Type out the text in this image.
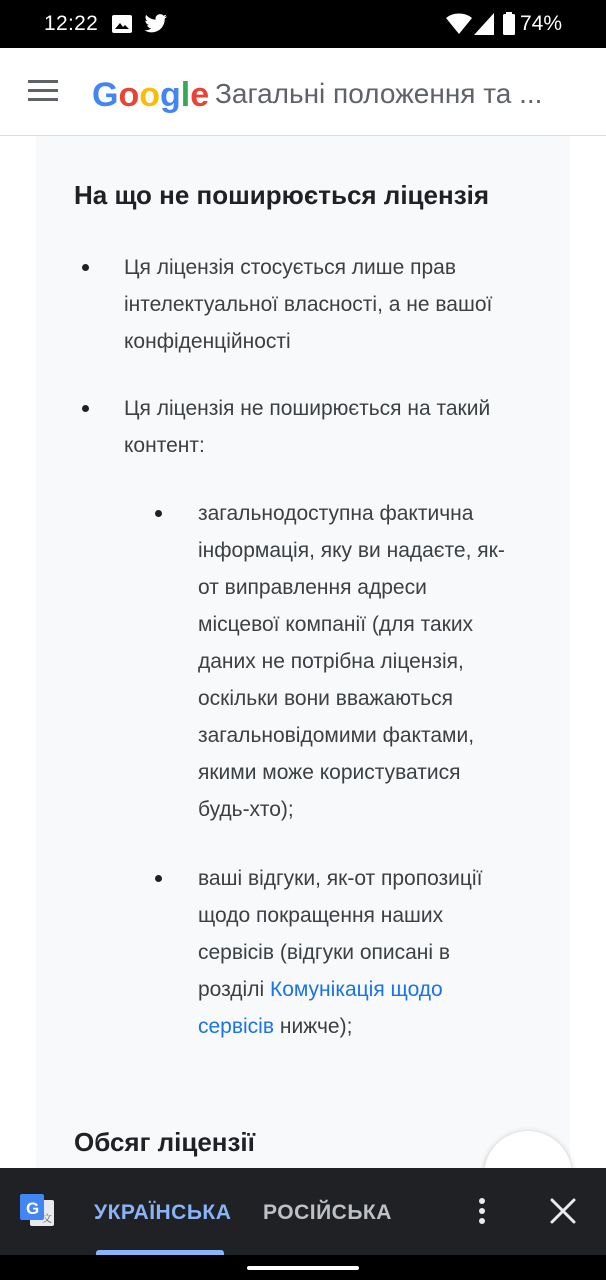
12:22	74%
Google Загальні положення та ...
На що не поширюється ліцензія
Ця ліцензія стосується лише прав
інтелектуальної власності, а не вашої
конфіденційності
Ця ліцензія не поширюється на такий
контент:
загальнодоступна фактична
інформація, яку ви надаєте, як-
от виправлення адреси
місцевої компанії (для таких
даних не потрібна ліцензія,
оскільки вони вважаються
загальновідомими фактами,
якими може користуватися
будь-хто);
ваші відгуки, як-от пропозиції
щодо покращення наших
сервісів (відгуки описані в
розділі Комунікація щодо
сервісів нижче);
Обсяг ліцензії
G
文 УКРАЇНСЬКА РОСІЙСЬКА
